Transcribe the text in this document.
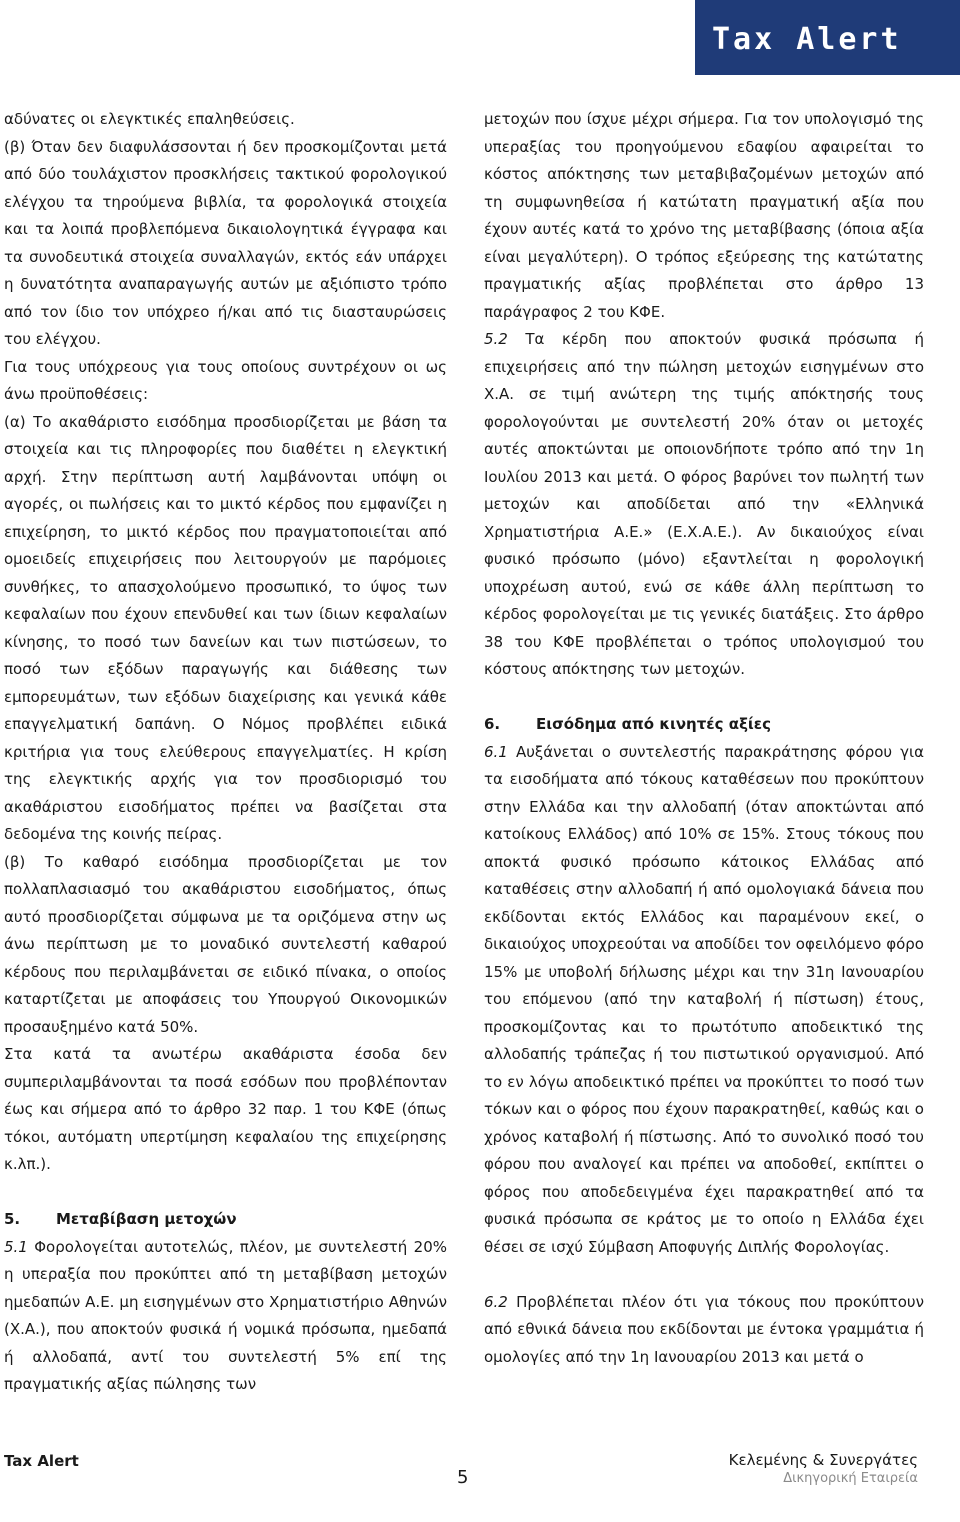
Tax Alert

αδύνατες οι ελεγκτικές επαληθεύσεις.

(β) Όταν δεν διαφυλάσσονται ή δεν προσκομίζονται μετά από δύο τουλάχιστον προσκλήσεις τακτικού φορολογικού ελέγχου τα τηρούμενα βιβλία, τα φορολογικά στοιχεία και τα λοιπά προβλεπόμενα δικαιολογητικά έγγραφα και τα συνοδευτικά στοιχεία συναλλαγών, εκτός εάν υπάρχει η δυνατότητα αναπαραγωγής αυτών με αξιόπιστο τρόπο από τον ίδιο τον υπόχρεο ή/και από τις διασταυρώσεις του ελέγχου.

Για τους υπόχρεους για τους οποίους συντρέχουν οι ως άνω προϋποθέσεις:

(α) Το ακαθάριστο εισόδημα προσδιορίζεται με βάση τα στοιχεία και τις πληροφορίες που διαθέτει η ελεγκτική αρχή. Στην περίπτωση αυτή λαμβάνονται υπόψη οι αγορές, οι πωλήσεις και το μικτό κέρδος που εμφανίζει η επιχείρηση, το μικτό κέρδος που πραγματοποιείται από ομοειδείς επιχειρήσεις που λειτουργούν με παρόμοιες συνθήκες, το απασχολούμενο προσωπικό, το ύψος των κεφαλαίων που έχουν επενδυθεί και των ίδιων κεφαλαίων κίνησης, το ποσό των δανείων και των πιστώσεων, το ποσό των εξόδων παραγωγής και διάθεσης των εμπορευμάτων, των εξόδων διαχείρισης και γενικά κάθε επαγγελματική δαπάνη. Ο Νόμος προβλέπει ειδικά κριτήρια για τους ελεύθερους επαγγελματίες. Η κρίση της ελεγκτικής αρχής για τον προσδιορισμό του ακαθάριστου εισοδήματος πρέπει να βασίζεται στα δεδομένα της κοινής πείρας.

(β) Το καθαρό εισόδημα προσδιορίζεται με τον πολλαπλασιασμό του ακαθάριστου εισοδήματος, όπως αυτό προσδιορίζεται σύμφωνα με τα οριζόμενα στην ως άνω περίπτωση με το μοναδικό συντελεστή καθαρού κέρδους που περιλαμβάνεται σε ειδικό πίνακα, ο οποίος καταρτίζεται με αποφάσεις του Υπουργού Οικονομικών προσαυξημένο κατά 50%.

Στα κατά τα ανωτέρω ακαθάριστα έσοδα δεν συμπεριλαμβάνονται τα ποσά εσόδων που προβλέπονταν έως και σήμερα από το άρθρο 32 παρ. 1 του ΚΦΕ (όπως τόκοι, αυτόματη υπερτίμηση κεφαλαίου της επιχείρησης κ.λπ.).

5. Μεταβίβαση μετοχών

5.1 Φορολογείται αυτοτελώς, πλέον, με συντελεστή 20% η υπεραξία που προκύπτει από τη μεταβίβαση μετοχών ημεδαπών Α.Ε. μη εισηγμένων στο Χρηματιστήριο Αθηνών (Χ.Α.), που αποκτούν φυσικά ή νομικά πρόσωπα, ημεδαπά ή αλλοδαπά, αντί του συντελεστή 5% επί της πραγματικής αξίας πώλησης των

μετοχών που ίσχυε μέχρι σήμερα. Για τον υπολογισμό της υπεραξίας του προηγούμενου εδαφίου αφαιρείται το κόστος απόκτησης των μεταβιβαζομένων μετοχών από τη συμφωνηθείσα ή κατώτατη πραγματική αξία που έχουν αυτές κατά το χρόνο της μεταβίβασης (όποια αξία είναι μεγαλύτερη). Ο τρόπος εξεύρεσης της κατώτατης πραγματικής αξίας προβλέπεται στο άρθρο 13 παράγραφος 2 του ΚΦΕ.

5.2 Τα κέρδη που αποκτούν φυσικά πρόσωπα ή επιχειρήσεις από την πώληση μετοχών εισηγμένων στο Χ.Α. σε τιμή ανώτερη της τιμής απόκτησής τους φορολογούνται με συντελεστή 20% όταν οι μετοχές αυτές αποκτώνται με οποιονδήποτε τρόπο από την 1η Ιουλίου 2013 και μετά. Ο φόρος βαρύνει τον πωλητή των μετοχών και αποδίδεται από την «Ελληνικά Χρηματιστήρια Α.Ε.» (Ε.Χ.Α.Ε.). Αν δικαιούχος είναι φυσικό πρόσωπο (μόνο) εξαντλείται η φορολογική υποχρέωση αυτού, ενώ σε κάθε άλλη περίπτωση το κέρδος φορολογείται με τις γενικές διατάξεις. Στο άρθρο 38 του ΚΦΕ προβλέπεται ο τρόπος υπολογισμού του κόστους απόκτησης των μετοχών.

6. Εισόδημα από κινητές αξίες

6.1 Αυξάνεται ο συντελεστής παρακράτησης φόρου για τα εισοδήματα από τόκους καταθέσεων που προκύπτουν στην Ελλάδα και την αλλοδαπή (όταν αποκτώνται από κατοίκους Ελλάδος) από 10% σε 15%. Στους τόκους που αποκτά φυσικό πρόσωπο κάτοικος Ελλάδας από καταθέσεις στην αλλοδαπή ή από ομολογιακά δάνεια που εκδίδονται εκτός Ελλάδος και παραμένουν εκεί, ο δικαιούχος υποχρεούται να αποδίδει τον οφειλόμενο φόρο 15% με υποβολή δήλωσης μέχρι και την 31η Ιανουαρίου του επόμενου (από την καταβολή ή πίστωση) έτους, προσκομίζοντας και το πρωτότυπο αποδεικτικό της αλλοδαπής τράπεζας ή του πιστωτικού οργανισμού. Από το εν λόγω αποδεικτικό πρέπει να προκύπτει το ποσό των τόκων και ο φόρος που έχουν παρακρατηθεί, καθώς και ο χρόνος καταβολή ή πίστωσης. Από το συνολικό ποσό του φόρου που αναλογεί και πρέπει να αποδοθεί, εκπίπτει ο φόρος που αποδεδειγμένα έχει παρακρατηθεί από τα φυσικά πρόσωπα σε κράτος με το οποίο η Ελλάδα έχει θέσει σε ισχύ Σύμβαση Αποφυγής Διπλής Φορολογίας.

6.2 Προβλέπεται πλέον ότι για τόκους που προκύπτουν από εθνικά δάνεια που εκδίδονται με έντοκα γραμμάτια ή ομολογίες από την 1η Ιανουαρίου 2013 και μετά ο

Tax Alert
5
Κελεμένης & Συνεργάτες
Δικηγορική Εταιρεία
